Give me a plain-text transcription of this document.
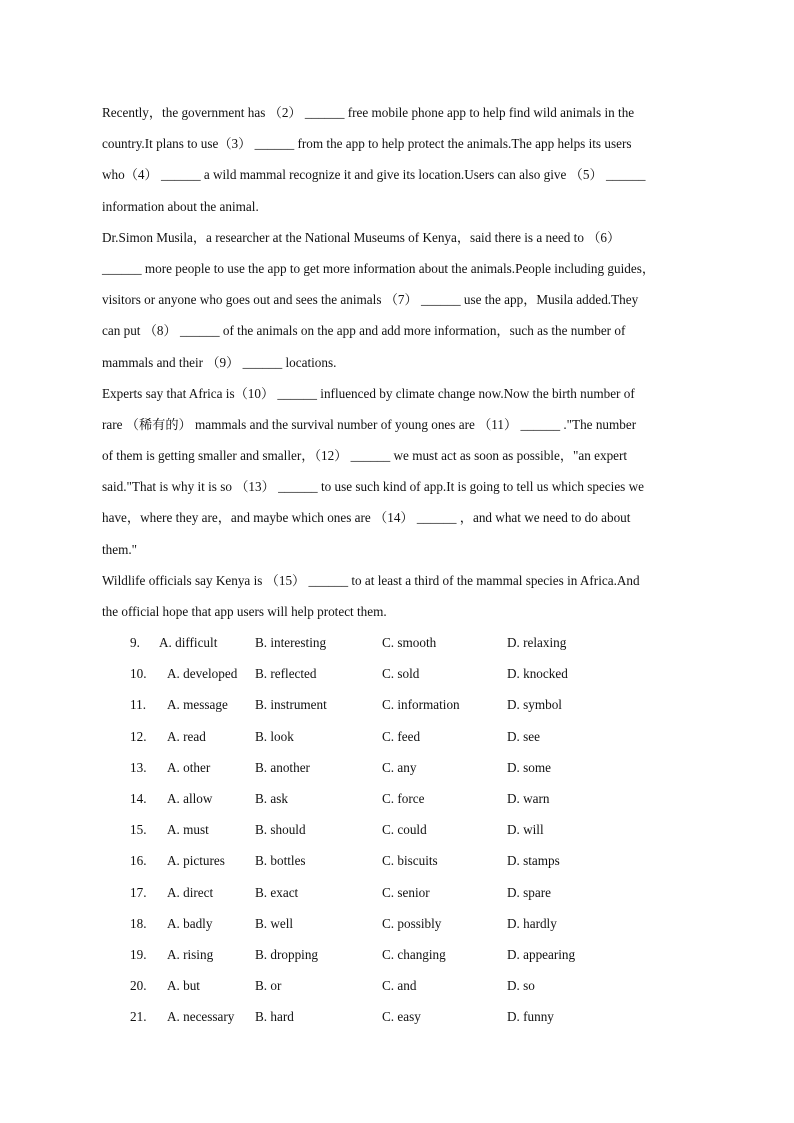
Recently，the government has （2） ______ free mobile phone app to help find wild animals in the
country.It plans to use（3） ______ from the app to help protect the animals.The app helps its users
who（4） ______ a wild mammal recognize it and give its location.Users can also give （5） ______
information about the animal.
Dr.Simon Musila，a researcher at the National Museums of Kenya，said there is a need to （6）
______ more people to use the app to get more information about the animals.People including guides，
visitors or anyone who goes out and sees the animals （7） ______ use the app，Musila added.They
can put （8） ______ of the animals on the app and add more information，such as the number of
mammals and their （9） ______ locations.
Experts say that Africa is（10） ______ influenced by climate change now.Now the birth number of
rare （稀有的） mammals and the survival number of young ones are （11） ______ ."The number
of them is getting smaller and smaller，（12） ______ we must act as soon as possible，"an expert
said."That is why it is so （13） ______ to use such kind of app.It is going to tell us which species we
have，where they are，and maybe which ones are （14） ______ ，and what we need to do about
them."
Wildlife officials say Kenya is （15） ______ to at least a third of the mammal species in Africa.And
the official hope that app users will help protect them.
9. A. difficult	B. interesting	C. smooth	D. relaxing
10. A. developed B. reflected	C. sold	D. knocked
11. A. message B. instrument	C. information	D. symbol
12. A. read	B. look	C. feed	D. see
13. A. other	B. another	C. any	D. some
14. A. allow	B. ask	C. force	D. warn
15. A. must	B. should	C. could	D. will
16. A. pictures B. bottles	C. biscuits	D. stamps
17. A. direct	B. exact	C. senior	D. spare
18. A. badly	B. well	C. possibly	D. hardly
19. A. rising	B. dropping	C. changing	D. appearing
20. A. but	B. or	C. and	D. so
21. A. necessary B. hard	C. easy	D. funny
